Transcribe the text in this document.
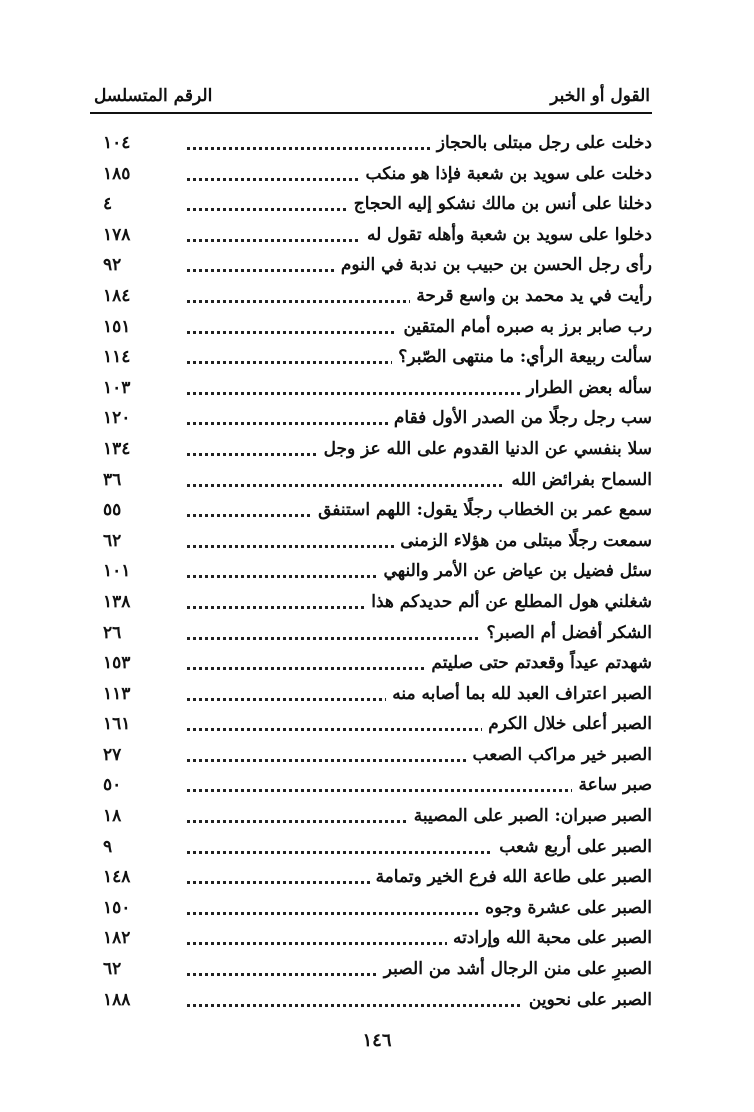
القول أو الخبر
الرقم المتسلسل
دخلت على رجل مبتلى بالحجاز
١٠٤
دخلت على سويد بن شعبة فإذا هو منكب
١٨٥
دخلنا على أنس بن مالك نشكو إليه الحجاج
٤
دخلوا على سويد بن شعبة وأهله تقول له
١٧٨
رأى رجل الحسن بن حبيب بن ندبة في النوم
٩٢
رأيت في يد محمد بن واسع قرحة
١٨٤
رب صابر برز به صبره أمام المتقين
١٥١
سألت ربيعة الرأي: ما منتهى الصّبر؟
١١٤
سأله بعض الطرار
١٠٣
سب رجل رجلًا من الصدر الأول فقام
١٢٠
سلا بنفسي عن الدنيا القدوم على الله عز وجل
١٣٤
السماح بفرائض الله
٣٦
سمع عمر بن الخطاب رجلًا يقول: اللهم استنفق
٥٥
سمعت رجلًا مبتلى من هؤلاء الزمنى
٦٢
سئل فضيل بن عياض عن الأمر والنهي
١٠١
شغلني هول المطلع عن ألم حديدكم هذا
١٣٨
الشكر أفضل أم الصبر؟
٢٦
شهدتم عيداً وقعدتم حتى صليتم
١٥٣
الصبر اعتراف العبد لله بما أصابه منه
١١٣
الصبر أعلى خلال الكرم
١٦١
الصبر خير مراكب الصعب
٢٧
صبر ساعة
٥٠
الصبر صبران: الصبر على المصيبة
١٨
الصبر على أربع شعب
٩
الصبر على طاعة الله فرع الخير وتمامة
١٤٨
الصبر على عشرة وجوه
١٥٠
الصبر على محبة الله وإرادته
١٨٢
الصبرِ على منن الرجال أشد من الصبر
٦٢
الصبر على نحوين
١٨٨
١٤٦
